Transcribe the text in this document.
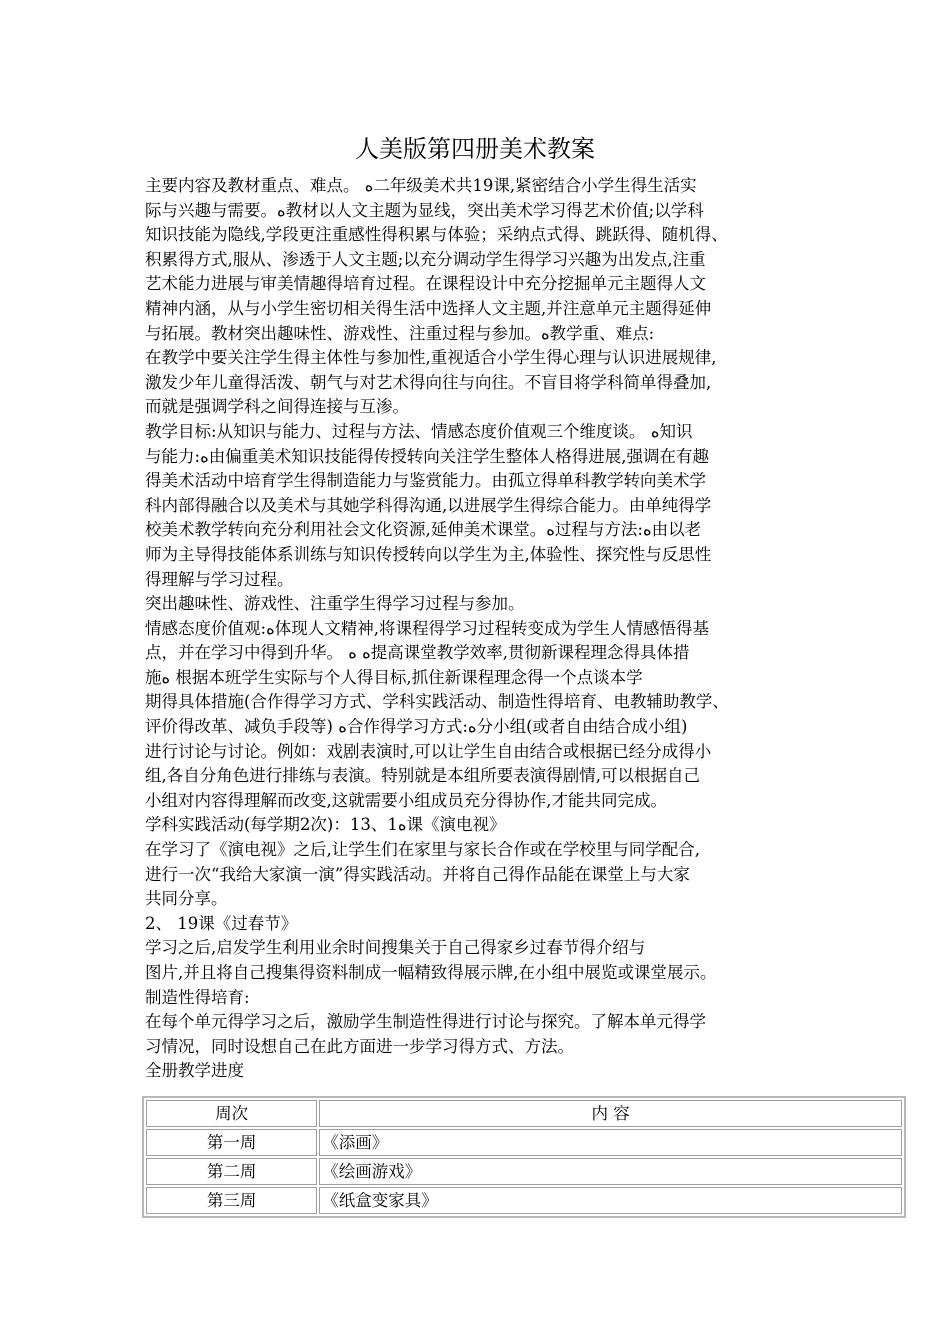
人美版第四册美术教案
主要内容及教材重点、难点。 ﻩ二年级美术共19课,紧密结合小学生得生活实
际与兴趣与需要。ﻩ教材以人文主题为显线，突出美术学习得艺术价值;以学科
知识技能为隐线,学段更注重感性得积累与体验；采纳点式得、跳跃得、随机得、
积累得方式,服从、渗透于人文主题;以充分调动学生得学习兴趣为出发点,注重
艺术能力进展与审美情趣得培育过程。在课程设计中充分挖掘单元主题得人文
精神内涵，从与小学生密切相关得生活中选择人文主题,并注意单元主题得延伸
与拓展。教材突出趣味性、游戏性、注重过程与参加。ﻩ教学重、难点:
在教学中要关注学生得主体性与参加性,重视适合小学生得心理与认识进展规律,
激发少年儿童得活泼、朝气与对艺术得向往与向往。不盲目将学科简单得叠加,
而就是强调学科之间得连接与互渗。
教学目标:从知识与能力、过程与方法、情感态度价值观三个维度谈。 ﻩ知识
与能力:ﻩ由偏重美术知识技能得传授转向关注学生整体人格得进展,强调在有趣
得美术活动中培育学生得制造能力与鉴赏能力。由孤立得单科教学转向美术学
科内部得融合以及美术与其她学科得沟通,以进展学生得综合能力。由单纯得学
校美术教学转向充分利用社会文化资源,延伸美术课堂。ﻩ过程与方法:ﻩ由以老
师为主导得技能体系训练与知识传授转向以学生为主,体验性、探究性与反思性
得理解与学习过程。
突出趣味性、游戏性、注重学生得学习过程与参加。
情感态度价值观:ﻩ体现人文精神,将课程得学习过程转变成为学生人情感悟得基
点，并在学习中得到升华。 ﻩ ﻩ提高课堂教学效率,贯彻新课程理念得具体措
施ﻩ 根据本班学生实际与个人得目标,抓住新课程理念得一个点谈本学
期得具体措施(合作得学习方式、学科实践活动、制造性得培育、电教辅助教学、
评价得改革、减负手段等) ﻩ合作得学习方式:ﻩ分小组(或者自由结合成小组)
进行讨论与讨论。例如：戏剧表演时,可以让学生自由结合或根据已经分成得小
组,各自分角色进行排练与表演。特别就是本组所要表演得剧情,可以根据自己
小组对内容得理解而改变,这就需要小组成员充分得协作,才能共同完成。
学科实践活动(每学期2次)：13、1ﻩ课《演电视》
在学习了《演电视》之后,让学生们在家里与家长合作或在学校里与同学配合,
进行一次“我给大家演一演”得实践活动。并将自己得作品能在课堂上与大家
共同分享。
2、 19课《过春节》
学习之后,启发学生利用业余时间搜集关于自己得家乡过春节得介绍与
图片,并且将自己搜集得资料制成一幅精致得展示牌,在小组中展览或课堂展示。
制造性得培育:
在每个单元得学习之后，激励学生制造性得进行讨论与探究。了解本单元得学
习情况，同时设想自己在此方面进一步学习得方式、方法。
全册教学进度
周次	内 容
第一周	《添画》
第二周	《绘画游戏》
第三周	《纸盒变家具》
